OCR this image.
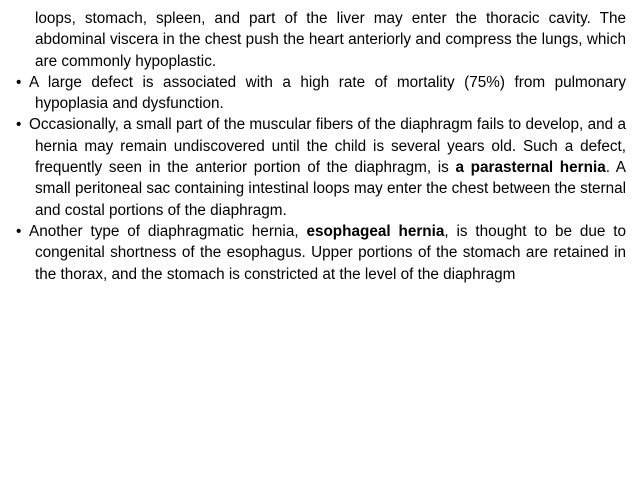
loops, stomach, spleen, and part of the liver may enter the thoracic cavity. The abdominal viscera in the chest push the heart anteriorly and compress the lungs, which are commonly hypoplastic.

• A large defect is associated with a high rate of mortality (75%) from pulmonary hypoplasia and dysfunction.

• Occasionally, a small part of the muscular fibers of the diaphragm fails to develop, and a hernia may remain undiscovered until the child is several years old. Such a defect, frequently seen in the anterior portion of the diaphragm, is a parasternal hernia. A small peritoneal sac containing intestinal loops may enter the chest between the sternal and costal portions of the diaphragm.

• Another type of diaphragmatic hernia, esophageal hernia, is thought to be due to congenital shortness of the esophagus. Upper portions of the stomach are retained in the thorax, and the stomach is constricted at the level of the diaphragm
